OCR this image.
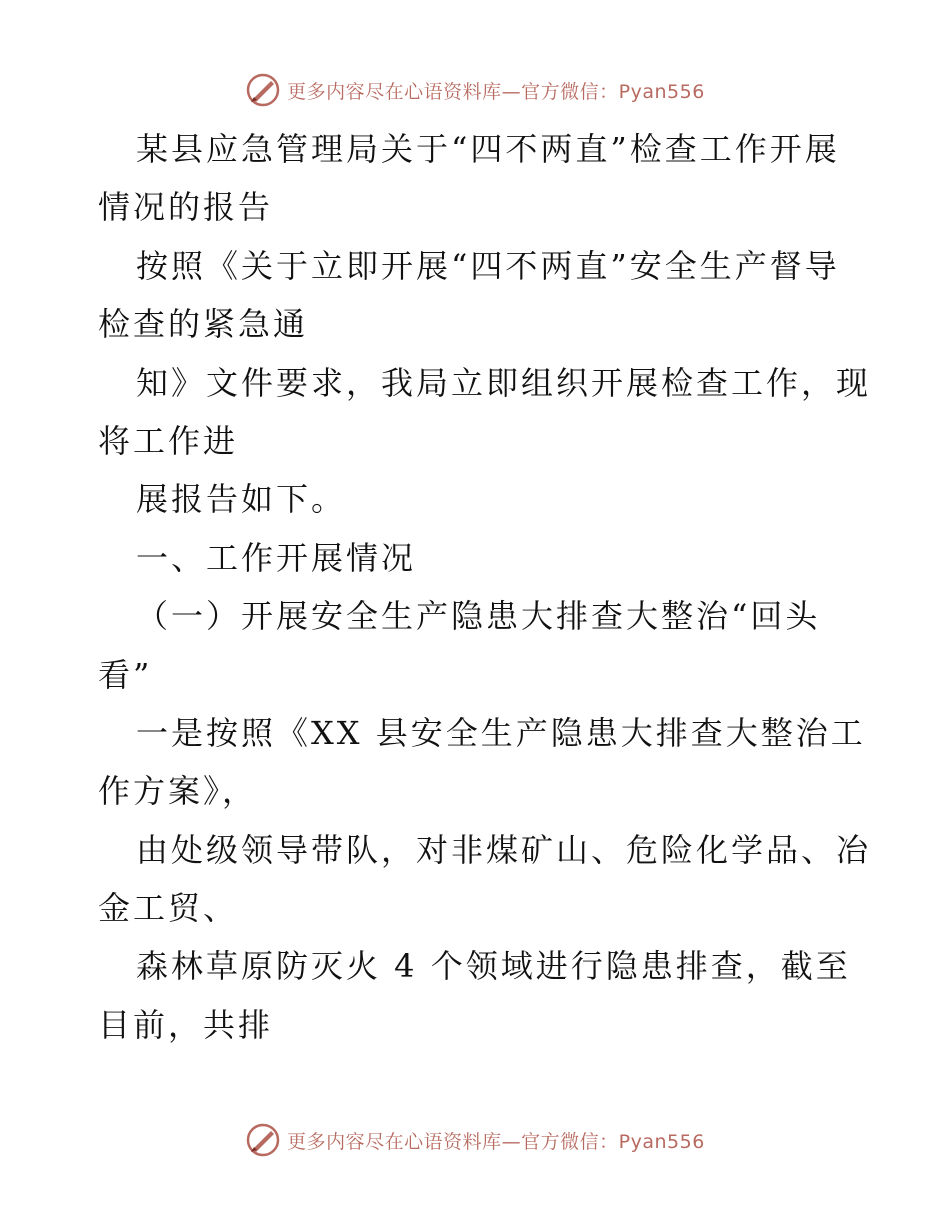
更多内容尽在心语资料库—官方微信：Pyan556
某县应急管理局关于“四不两直”检查工作开展
情况的报告
按照《关于立即开展“四不两直”安全生产督导
检查的紧急通
知》文件要求，我局立即组织开展检查工作，现
将工作进
展报告如下。
一、工作开展情况
（一）开展安全生产隐患大排查大整治“回头
看”
一是按照《XX 县安全生产隐患大排查大整治工
作方案》，
由处级领导带队，对非煤矿山、危险化学品、冶
金工贸、
森林草原防灭火 4 个领域进行隐患排查，截至
目前，共排
更多内容尽在心语资料库—官方微信：Pyan556
